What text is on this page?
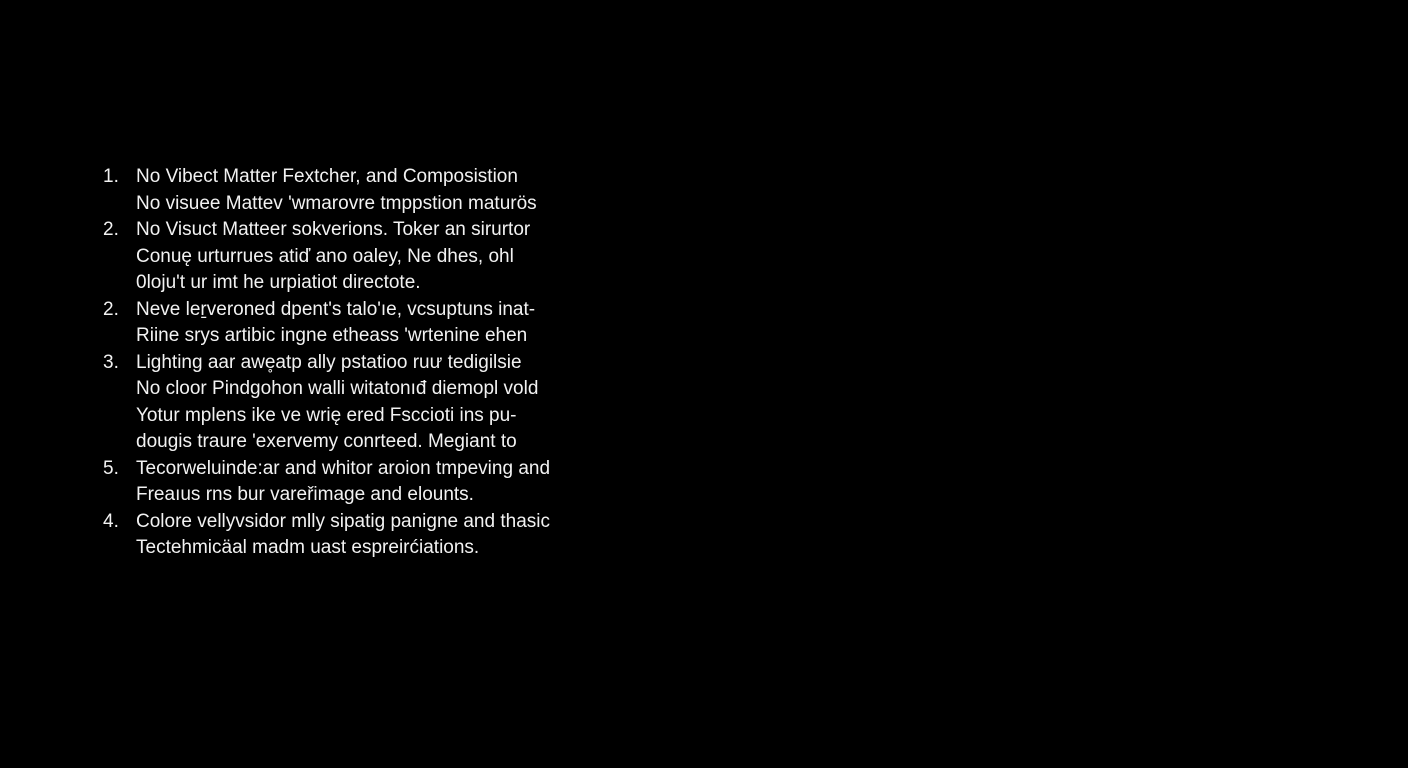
1. No Vibect Matter Fextcher, and Composistion
No visuee Mattev 'wmarovre tmppstion maturös
2. No Visuct Matteer sokverions. Toker an sirurtor
Conuę urturrues atiď ano oaley, Ne dhes, ohl
0loju't ur imt he urpiatiot directote.
2. Neve leṟveroned dpent's talo'ıe, vcsuptuns inat-
Riine srys artibic ingne etheass 'wrtenine ehen
3. Lighting aar awe̥atp ally pstatioo ruư tedigilsie
No cloor Pindgohon walli witatonıđ diemopl vold
Yotur mplens ike ve wrię ered Fsccioti ins pu-
dougis traure 'exervemy conrteed. Megiant to
5. Tecorweluinde:ar and whitor aroion tmpeving and
Freaıus rns bur vareřimage and elounts.
4. Colore vellyvsidor mlly sipatig panigne and thasic
Tectehmicäal madm uast espreirćiations.
